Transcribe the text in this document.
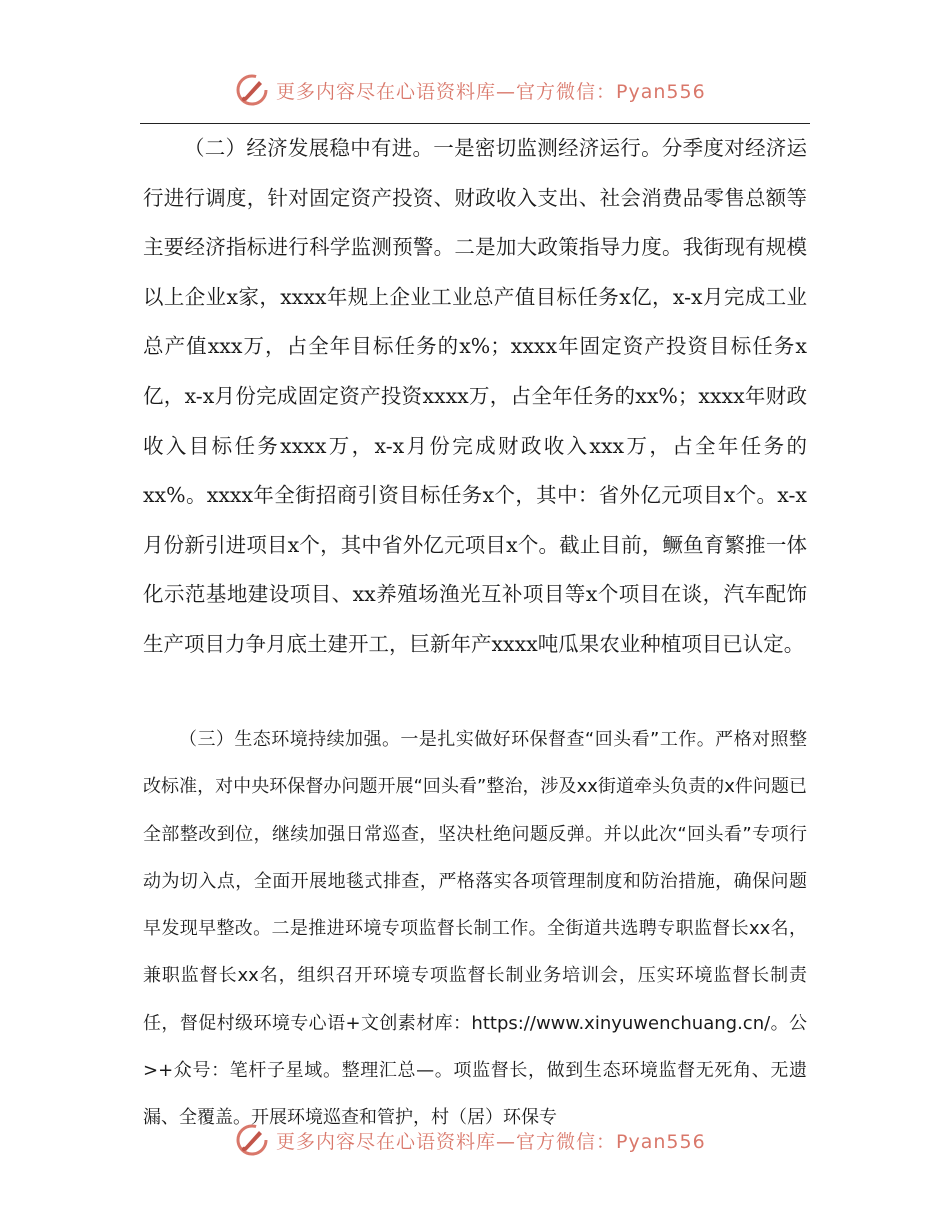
更多内容尽在心语资料库—官方微信：Pyan556

（二）经济发展稳中有进。一是密切监测经济运行。分季度对经济运行进行调度，针对固定资产投资、财政收入支出、社会消费品零售总额等主要经济指标进行科学监测预警。二是加大政策指导力度。我街现有规模以上企业x家，xxxx年规上企业工业总产值目标任务x亿，x-x月完成工业总产值xxx万，占全年目标任务的x%；xxxx年固定资产投资目标任务x亿，x-x月份完成固定资产投资xxxx万，占全年任务的xx%；xxxx年财政收入目标任务xxxx万，x-x月份完成财政收入xxx万，占全年任务的xx%。xxxx年全街招商引资目标任务x个，其中：省外亿元项目x个。x-x月份新引进项目x个，其中省外亿元项目x个。截止目前，鳜鱼育繁推一体化示范基地建设项目、xx养殖场渔光互补项目等x个项目在谈，汽车配饰生产项目力争月底土建开工，巨新年产xxxx吨瓜果农业种植项目已认定。

（三）生态环境持续加强。一是扎实做好环保督查“回头看”工作。严格对照整改标准，对中央环保督办问题开展“回头看”整治，涉及xx街道牵头负责的x件问题已全部整改到位，继续加强日常巡查，坚决杜绝问题反弹。并以此次“回头看”专项行动为切入点，全面开展地毯式排查，严格落实各项管理制度和防治措施，确保问题早发现早整改。二是推进环境专项监督长制工作。全街道共选聘专职监督长xx名，兼职监督长xx名，组织召开环境专项监督长制业务培训会，压实环境监督长制责任，督促村级环境专心语+文创素材库：https://www.xinyuwenchuang.cn/。公>+众号：笔杆子星域。整理汇总—。项监督长，做到生态环境监督无死角、无遗漏、全覆盖。开展环境巡查和管护，村（居）环保专

更多内容尽在心语资料库—官方微信：Pyan556
